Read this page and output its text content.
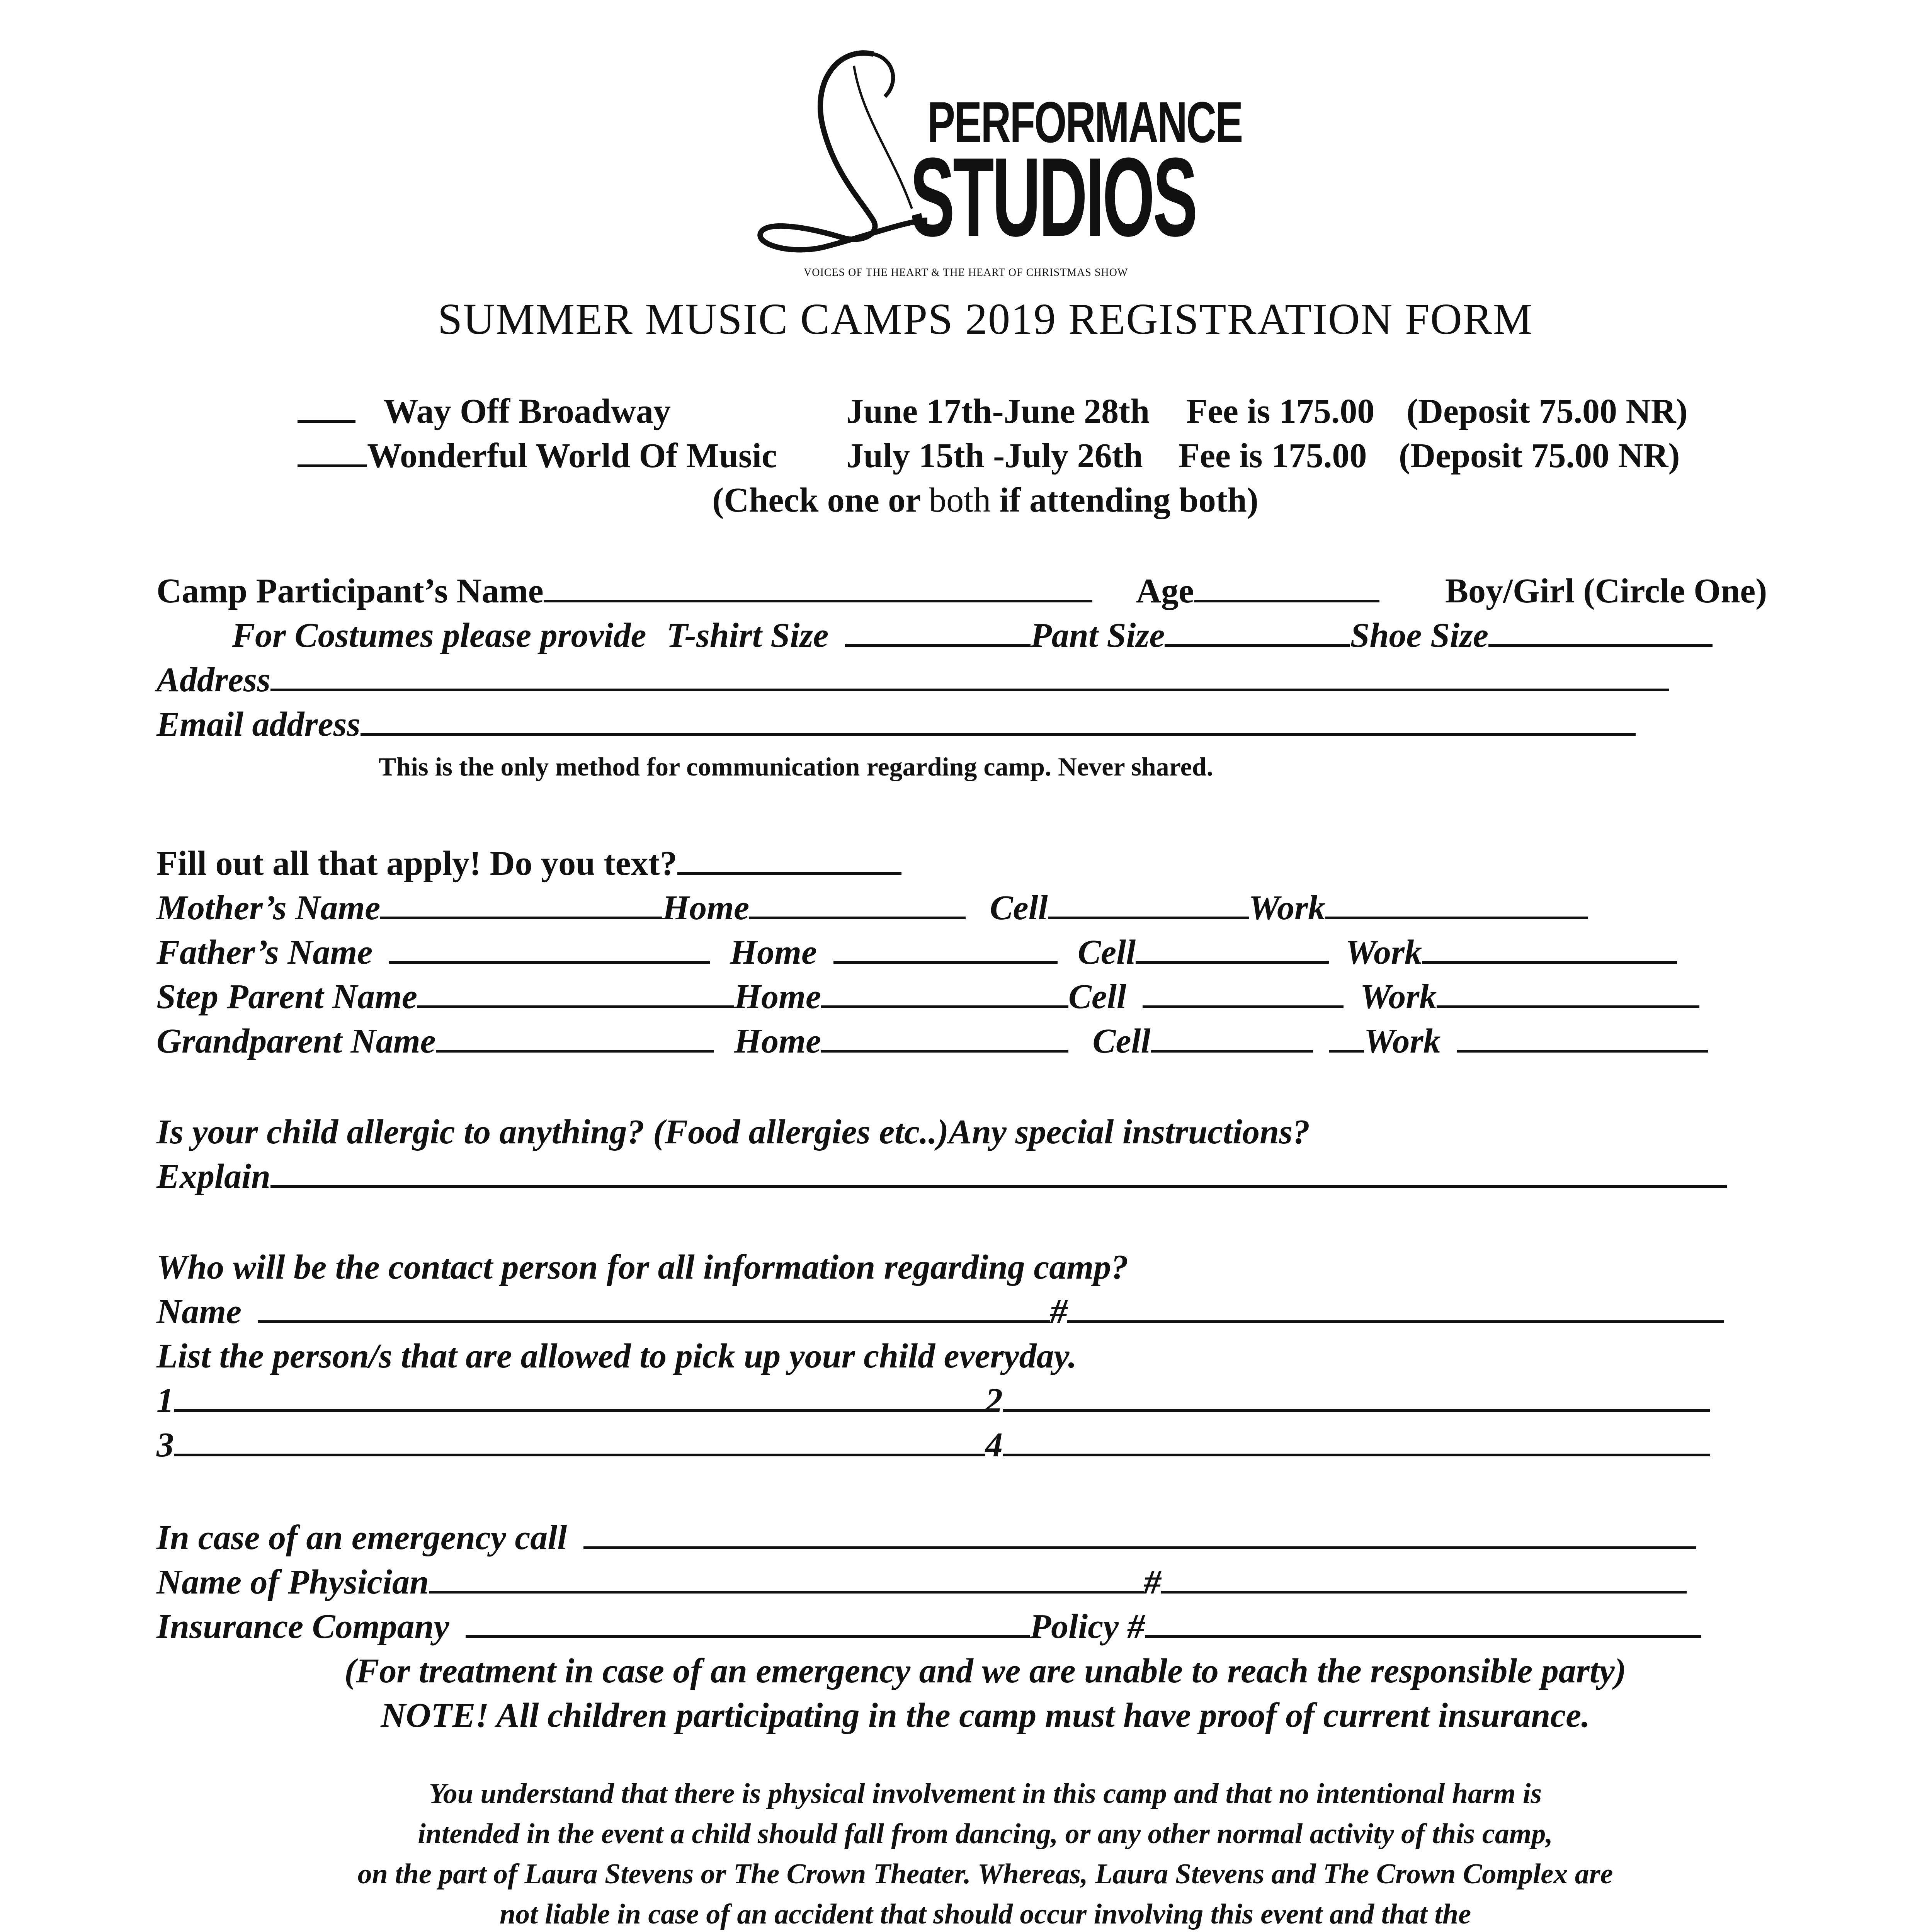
PERFORMANCE
STUDIOS
VOICES OF THE HEART & THE HEART OF CHRISTMAS SHOW
SUMMER MUSIC CAMPS 2019 REGISTRATION FORM
Way Off Broadway	June 17th-June 28th Fee is 175.00 (Deposit 75.00 NR)
Wonderful World Of Music July 15th -July 26th Fee is 175.00 (Deposit 75.00 NR)
(Check one or both if attending both)
Camp Participant’s Name	Age	Boy/Girl (Circle One)
For Costumes please provide T-shirt Size	Pant Size	Shoe Size
Address
Email address
This is the only method for communication regarding camp. Never shared.
Fill out all that apply! Do you text?
Mother’s Name	Home	Cell	Work
Father’s Name	Home	Cell	Work
Step Parent Name	Home	Cell	Work
Grandparent Name	Home	Cell	Work
Is your child allergic to anything? (Food allergies etc..)Any special instructions?
Explain
Who will be the contact person for all information regarding camp?
Name	#
List the person/s that are allowed to pick up your child everyday.
1	2
3	4
In case of an emergency call
Name of Physician	#
Insurance Company	Policy #
(For treatment in case of an emergency and we are unable to reach the responsible party)
NOTE! All children participating in the camp must have proof of current insurance.
You understand that there is physical involvement in this camp and that no intentional harm is
intended in the event a child should fall from dancing, or any other normal activity of this camp,
on the part of Laura Stevens or The Crown Theater. Whereas, Laura Stevens and The Crown Complex are
not liable in case of an accident that should occur involving this event and that the
